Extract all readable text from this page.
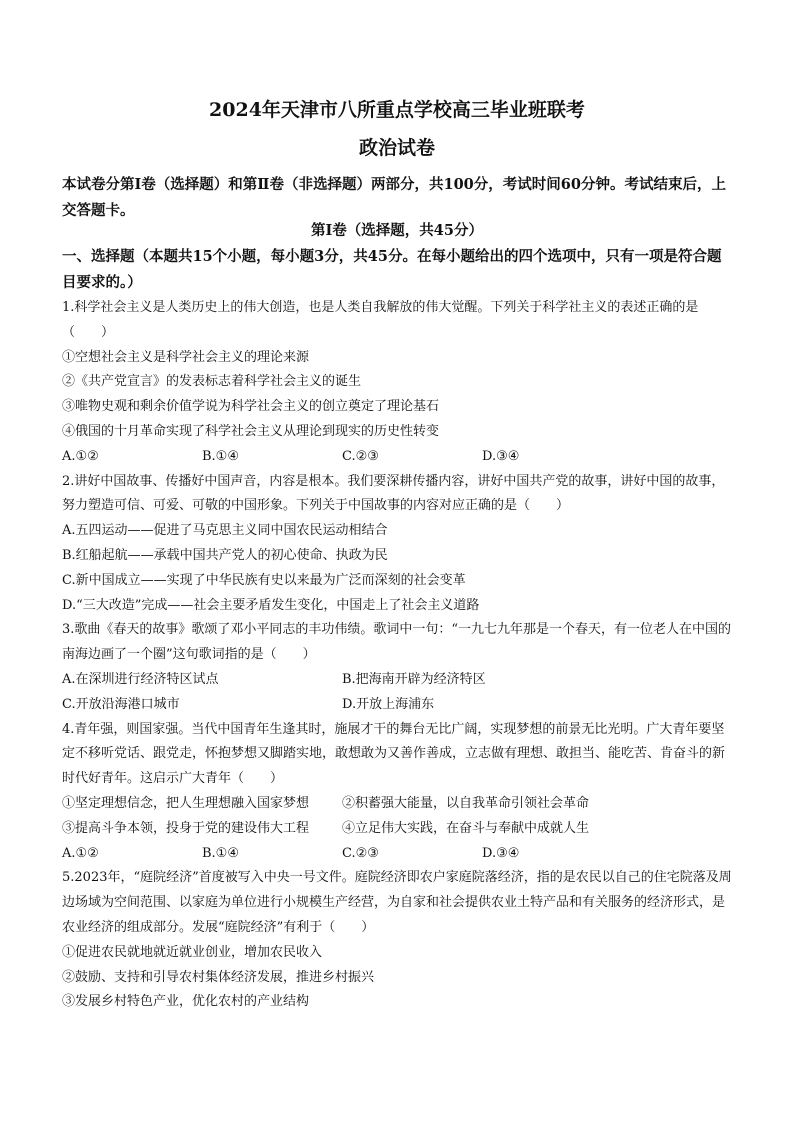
2024年天津市八所重点学校高三毕业班联考
政治试卷
本试卷分第Ⅰ卷（选择题）和第Ⅱ卷（非选择题）两部分，共100分，考试时间60分钟。考试结束后，上交答题卡。
第Ⅰ卷（选择题，共45分）
一、选择题（本题共15个小题，每小题3分，共45分。在每小题给出的四个选项中，只有一项是符合题目要求的。）

1.科学社会主义是人类历史上的伟大创造，也是人类自我解放的伟大觉醒。下列关于科学社主义的表述正确的是（　　）

①空想社会主义是科学社会主义的理论来源

②《共产党宣言》的发表标志着科学社会主义的诞生

③唯物史观和剩余价值学说为科学社会主义的创立奠定了理论基石

④俄国的十月革命实现了科学社会主义从理论到现实的历史性转变

A.①②	B.①④	C.②③	D.③④

2.讲好中国故事、传播好中国声音，内容是根本。我们要深耕传播内容，讲好中国共产党的故事，讲好中国的故事，努力塑造可信、可爱、可敬的中国形象。下列关于中国故事的内容对应正确的是（　　）

A.五四运动——促进了马克思主义同中国农民运动相结合

B.红船起航——承载中国共产党人的初心使命、执政为民

C.新中国成立——实现了中华民族有史以来最为广泛而深刻的社会变革

D.“三大改造”完成——社会主要矛盾发生变化，中国走上了社会主义道路

3.歌曲《春天的故事》歌颂了邓小平同志的丰功伟绩。歌词中一句：“一九七九年那是一个春天，有一位老人在中国的南海边画了一个圈”这句歌词指的是（　　）

A.在深圳进行经济特区试点	B.把海南开辟为经济特区
C.开放沿海港口城市	D.开放上海浦东

4.青年强，则国家强。当代中国青年生逢其时，施展才干的舞台无比广阔，实现梦想的前景无比光明。广大青年要坚定不移听党话、跟党走，怀抱梦想又脚踏实地，敢想敢为又善作善成，立志做有理想、敢担当、能吃苦、肯奋斗的新时代好青年。这启示广大青年（　　）

①坚定理想信念，把人生理想融入国家梦想	②积蓄强大能量，以自我革命引领社会革命
③提高斗争本领，投身于党的建设伟大工程	④立足伟大实践，在奋斗与奉献中成就人生
A.①②	B.①④	C.②③	D.③④

5.2023年，“庭院经济”首度被写入中央一号文件。庭院经济即农户家庭院落经济，指的是农民以自己的住宅院落及周边场域为空间范围、以家庭为单位进行小规模生产经营，为自家和社会提供农业土特产品和有关服务的经济形式，是农业经济的组成部分。发展“庭院经济”有利于（　　）

①促进农民就地就近就业创业，增加农民收入

②鼓励、支持和引导农村集体经济发展，推进乡村振兴

③发展乡村特色产业，优化农村的产业结构
